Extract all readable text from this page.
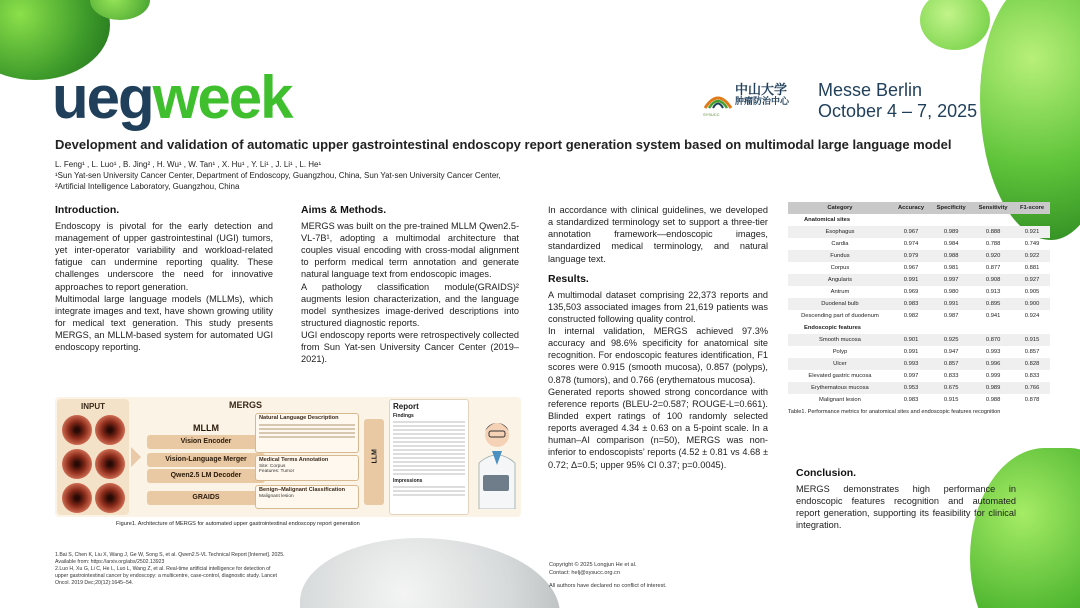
uegweek	中山大学
肿瘤防治中心
SYSUCC
Messe Berlin
October 4 – 7, 2025
Development and validation of automatic upper gastrointestinal endoscopy report generation system based on multimodal large language model
L. Feng¹ , L. Luo¹ , B. Jing² , H. Wu¹ , W. Tan¹ , X. Hu¹ , Y. Li¹ , J. Li¹ , L. He¹
¹Sun Yat-sen University Cancer Center, Department of Endoscopy, Guangzhou, China, Sun Yat-sen University Cancer Center,
²Artificial Intelligence Laboratory, Guangzhou, China
Introduction.

Endoscopy is pivotal for the early detection and management of upper gastrointestinal (UGI) tumors, yet inter-operator variability and workload-related fatigue can undermine reporting quality. These challenges underscore the need for innovative approaches to report generation.

Multimodal large language models (MLLMs), which integrate images and text, have shown growing utility for medical text generation. This study presents MERGS, an MLLM-based system for automated UGI endoscopy reporting.

Aims & Methods.

MERGS was built on the pre-trained MLLM Qwen2.5-VL-7B¹, adopting a multimodal architecture that couples visual encoding with cross-modal alignment to perform medical term annotation and generate natural language text from endoscopic images.

A pathology classification module(GRAIDS)² augments lesion characterization, and the language model synthesizes image-derived descriptions into structured diagnostic reports.

UGI endoscopy reports were retrospectively collected from Sun Yat-sen University Cancer Center (2019–2021).

In accordance with clinical guidelines, we developed a standardized terminology set to support a three-tier annotation framework—endoscopic images, standardized medical terminology, and natural language text.

Results.

A multimodal dataset comprising 22,373 reports and 135,503 associated images from 21,619 patients was constructed following quality control.

In internal validation, MERGS achieved 97.3% accuracy and 98.6% specificity for anatomical site recognition. For endoscopic features identification, F1 scores were 0.915 (smooth mucosa), 0.857 (polyps), 0.878 (tumors), and 0.766 (erythematous mucosa).

Generated reports showed strong concordance with reference reports (BLEU-2=0.587; ROUGE-L=0.661). Blinded expert ratings of 100 randomly selected reports averaged 4.34 ± 0.63 on a 5-point scale. In a human–AI comparison (n=50), MERGS was non-inferior to endoscopists’ reports (4.52 ± 0.81 vs 4.68 ± 0.72; Δ=0.5; upper 95% CI 0.37; p=0.0045).

Conclusion.

MERGS demonstrates high performance in endoscopic features recognition and automated report generation, supporting its feasibility for clinical integration.

INPUT	MERGS
MLLM
Vision Encoder
Vision-Language Merger
Qwen2.5 LM Decoder
GRAIDS
Natural Language Description
Medical Terms Annotation
Site: Corpus
Features: Tumor
Benign–Malignant Classification
Malignant lesion
LLM
Report
Findings
Impressions
Figure1. Architecture of MERGS for automated upper gastrointestinal endoscopy report generation
Category	Accuracy	Specificity	Sensitivity	F1-score
Anatomical sites				
Esophagus	0.967	0.989	0.888	0.921
Cardia	0.974	0.984	0.788	0.749
Fundus	0.979	0.988	0.920	0.922
Corpus	0.967	0.981	0.877	0.881
Angularis	0.991	0.997	0.908	0.927
Antrum	0.969	0.980	0.913	0.905
Duodenal bulb	0.983	0.991	0.895	0.900
Descending part of duodenum	0.982	0.987	0.941	0.924
Endoscopic features				
Smooth mucosa	0.901	0.925	0.870	0.915
Polyp	0.991	0.947	0.993	0.857
Ulcer	0.993	0.857	0.996	0.828
Elevated gastric mucosa	0.997	0.833	0.999	0.833
Erythematous mucosa	0.953	0.675	0.989	0.766
Malignant lesion	0.983	0.915	0.988	0.878
Table1. Performance metrics for anatomical sites and endoscopic features recognition
1.Bai S, Chen K, Liu X, Wang J, Ge W, Song S, et al. Qwen2.5-VL Technical Report [Internet]. 2025. Available from: https://arxiv.org/abs/2502.13923
2.Luo H, Xu G, Li C, He L, Luo L, Wang Z, et al. Real-time artificial intelligence for detection of upper gastrointestinal cancer by endoscopy: a multicentre, case-control, diagnostic study. Lancet Oncol. 2019 Dec;20(12):1645–54.
Copyright © 2025 Longjun He et al.
Contact: helj@sysucc.org.cn
All authors have declared no conflict of interest.
